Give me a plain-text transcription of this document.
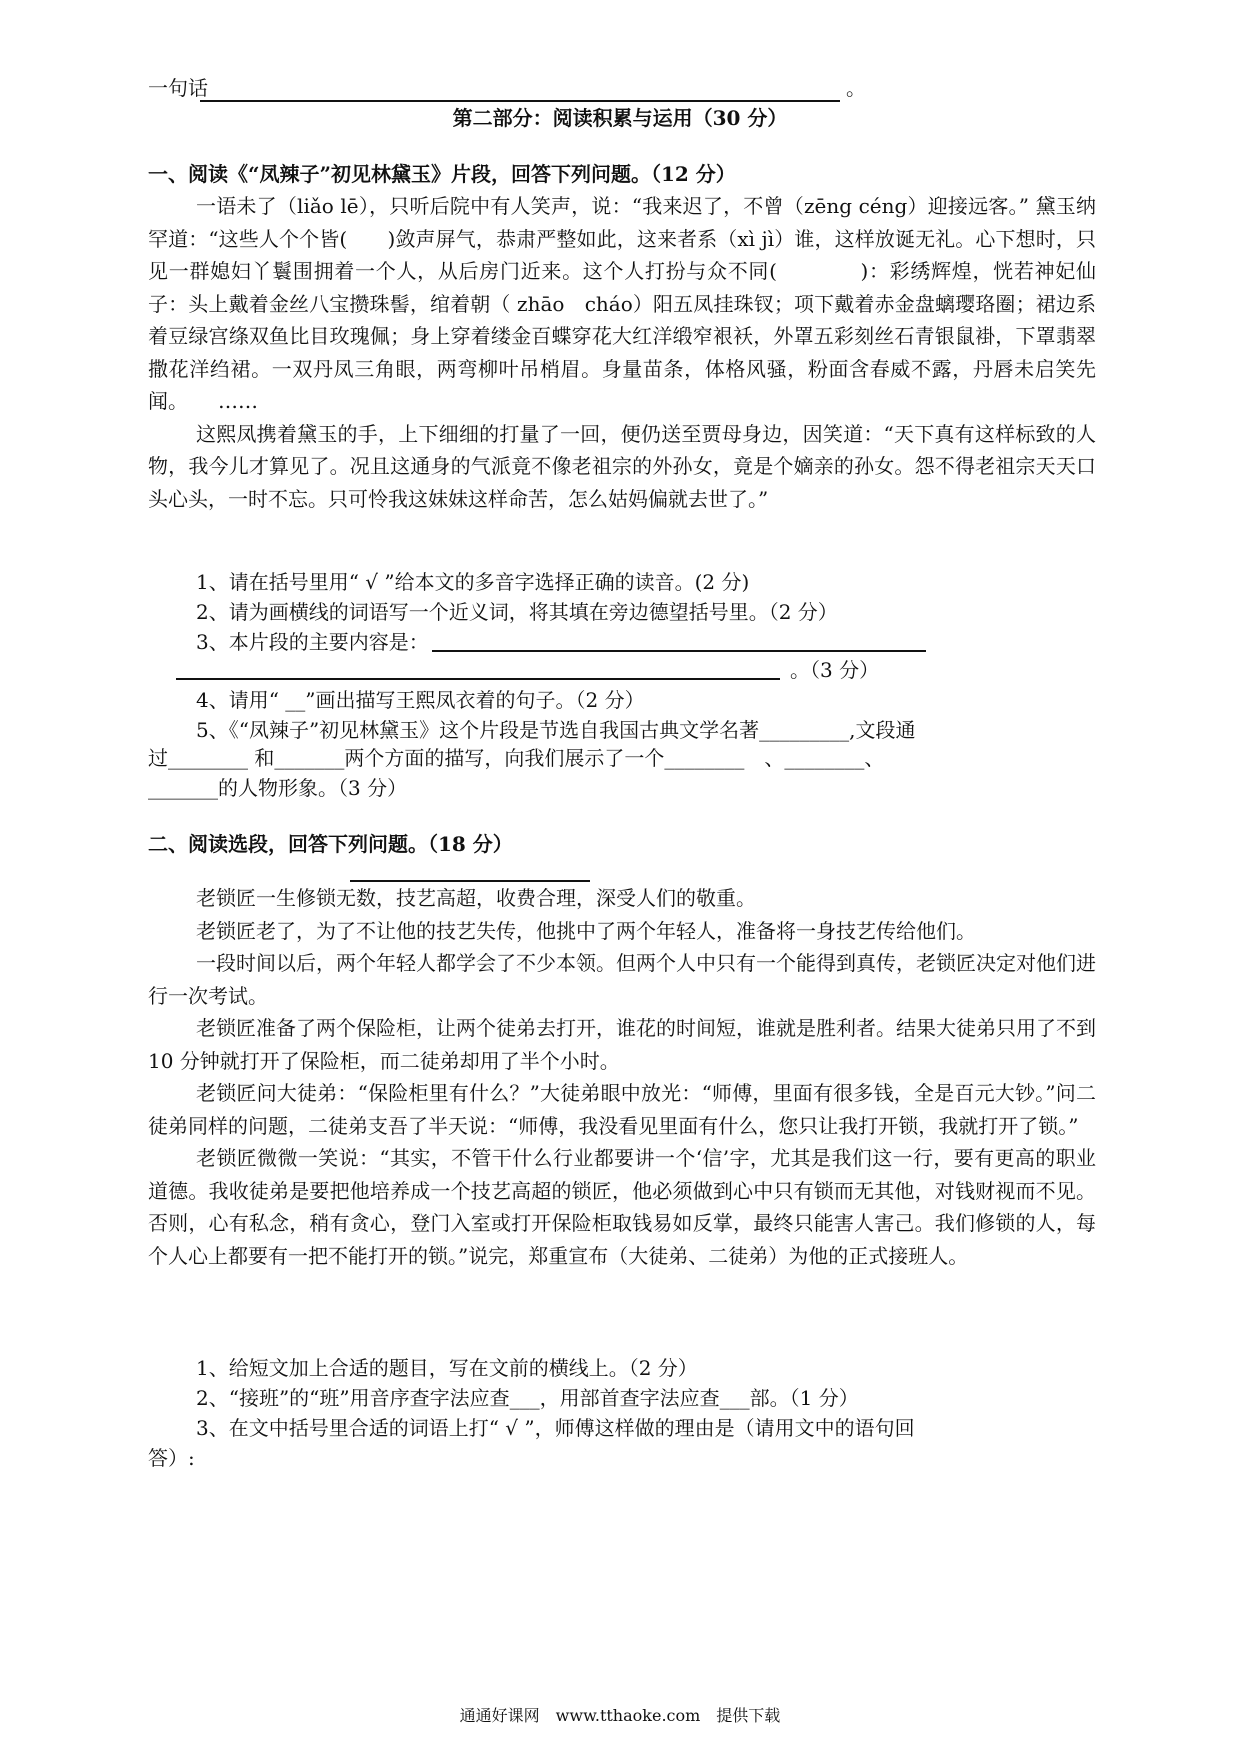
一句话	。
第二部分：阅读积累与运用（30 分）
一、阅读《“凤辣子”初见林黛玉》片段，回答下列问题。（12 分）

一语未了（liǎo lē），只听后院中有人笑声，说：“我来迟了，不曾（zēng céng）迎接远客。” 黛玉纳罕道：“这些人个个皆(　　)敛声屏气，恭肃严整如此，这来者系（xì jì）谁，这样放诞无礼。心下想时，只见一群媳妇丫鬟围拥着一个人，从后房门近来。这个人打扮与众不同(　　　　)：彩绣辉煌，恍若神妃仙子：头上戴着金丝八宝攒珠髻，绾着朝（ zhāo　cháo）阳五凤挂珠钗；项下戴着赤金盘螭璎珞圈；裙边系着豆绿宫绦双鱼比目玫瑰佩；身上穿着缕金百蝶穿花大红洋缎窄裉袄，外罩五彩刻丝石青银鼠褂，下罩翡翠撒花洋绉裙。一双丹凤三角眼，两弯柳叶吊梢眉。身量苗条，体格风骚，粉面含春威不露，丹唇未启笑先闻。　　……

这熙凤携着黛玉的手，上下细细的打量了一回，便仍送至贾母身边，因笑道：“天下真有这样标致的人物，我今儿才算见了。况且这通身的气派竟不像老祖宗的外孙女，竟是个嫡亲的孙女。怨不得老祖宗天天口头心头，一时不忘。只可怜我这妹妹这样命苦，怎么姑妈偏就去世了。”

1、请在括号里用“ √ ”给本文的多音字选择正确的读音。(2 分)
2、请为画横线的词语写一个近义词，将其填在旁边德望括号里。（2 分）
3、本片段的主要内容是：
。（3 分）
4、请用“ __”画出描写王熙凤衣着的句子。（2 分）
5、《“凤辣子”初见林黛玉》这个片段是节选自我国古典文学名著_________,文段通
过________ 和_______两个方面的描写，向我们展示了一个________　、________、
_______的人物形象。（3 分）
二、阅读选段，回答下列问题。（18 分）

老锁匠一生修锁无数，技艺高超，收费合理，深受人们的敬重。

老锁匠老了，为了不让他的技艺失传，他挑中了两个年轻人，准备将一身技艺传给他们。

一段时间以后，两个年轻人都学会了不少本领。但两个人中只有一个能得到真传，老锁匠决定对他们进行一次考试。

老锁匠准备了两个保险柜，让两个徒弟去打开，谁花的时间短，谁就是胜利者。结果大徒弟只用了不到 10 分钟就打开了保险柜，而二徒弟却用了半个小时。

老锁匠问大徒弟：“保险柜里有什么？”大徒弟眼中放光：“师傅，里面有很多钱，全是百元大钞。”问二徒弟同样的问题，二徒弟支吾了半天说：“师傅，我没看见里面有什么，您只让我打开锁，我就打开了锁。”

老锁匠微微一笑说：“其实，不管干什么行业都要讲一个‘信’字，尤其是我们这一行，要有更高的职业道德。我收徒弟是要把他培养成一个技艺高超的锁匠，他必须做到心中只有锁而无其他，对钱财视而不见。否则，心有私念，稍有贪心，登门入室或打开保险柜取钱易如反掌，最终只能害人害己。我们修锁的人，每个人心上都要有一把不能打开的锁。”说完，郑重宣布（大徒弟、二徒弟）为他的正式接班人。

1、给短文加上合适的题目，写在文前的横线上。（2 分）
2、“接班”的“班”用音序查字法应查___，用部首查字法应查___部。（1 分）
3、在文中括号里合适的词语上打“ √ ”，师傅这样做的理由是（请用文中的语句回
答）:
通通好课网　www.tthaoke.com　提供下载
